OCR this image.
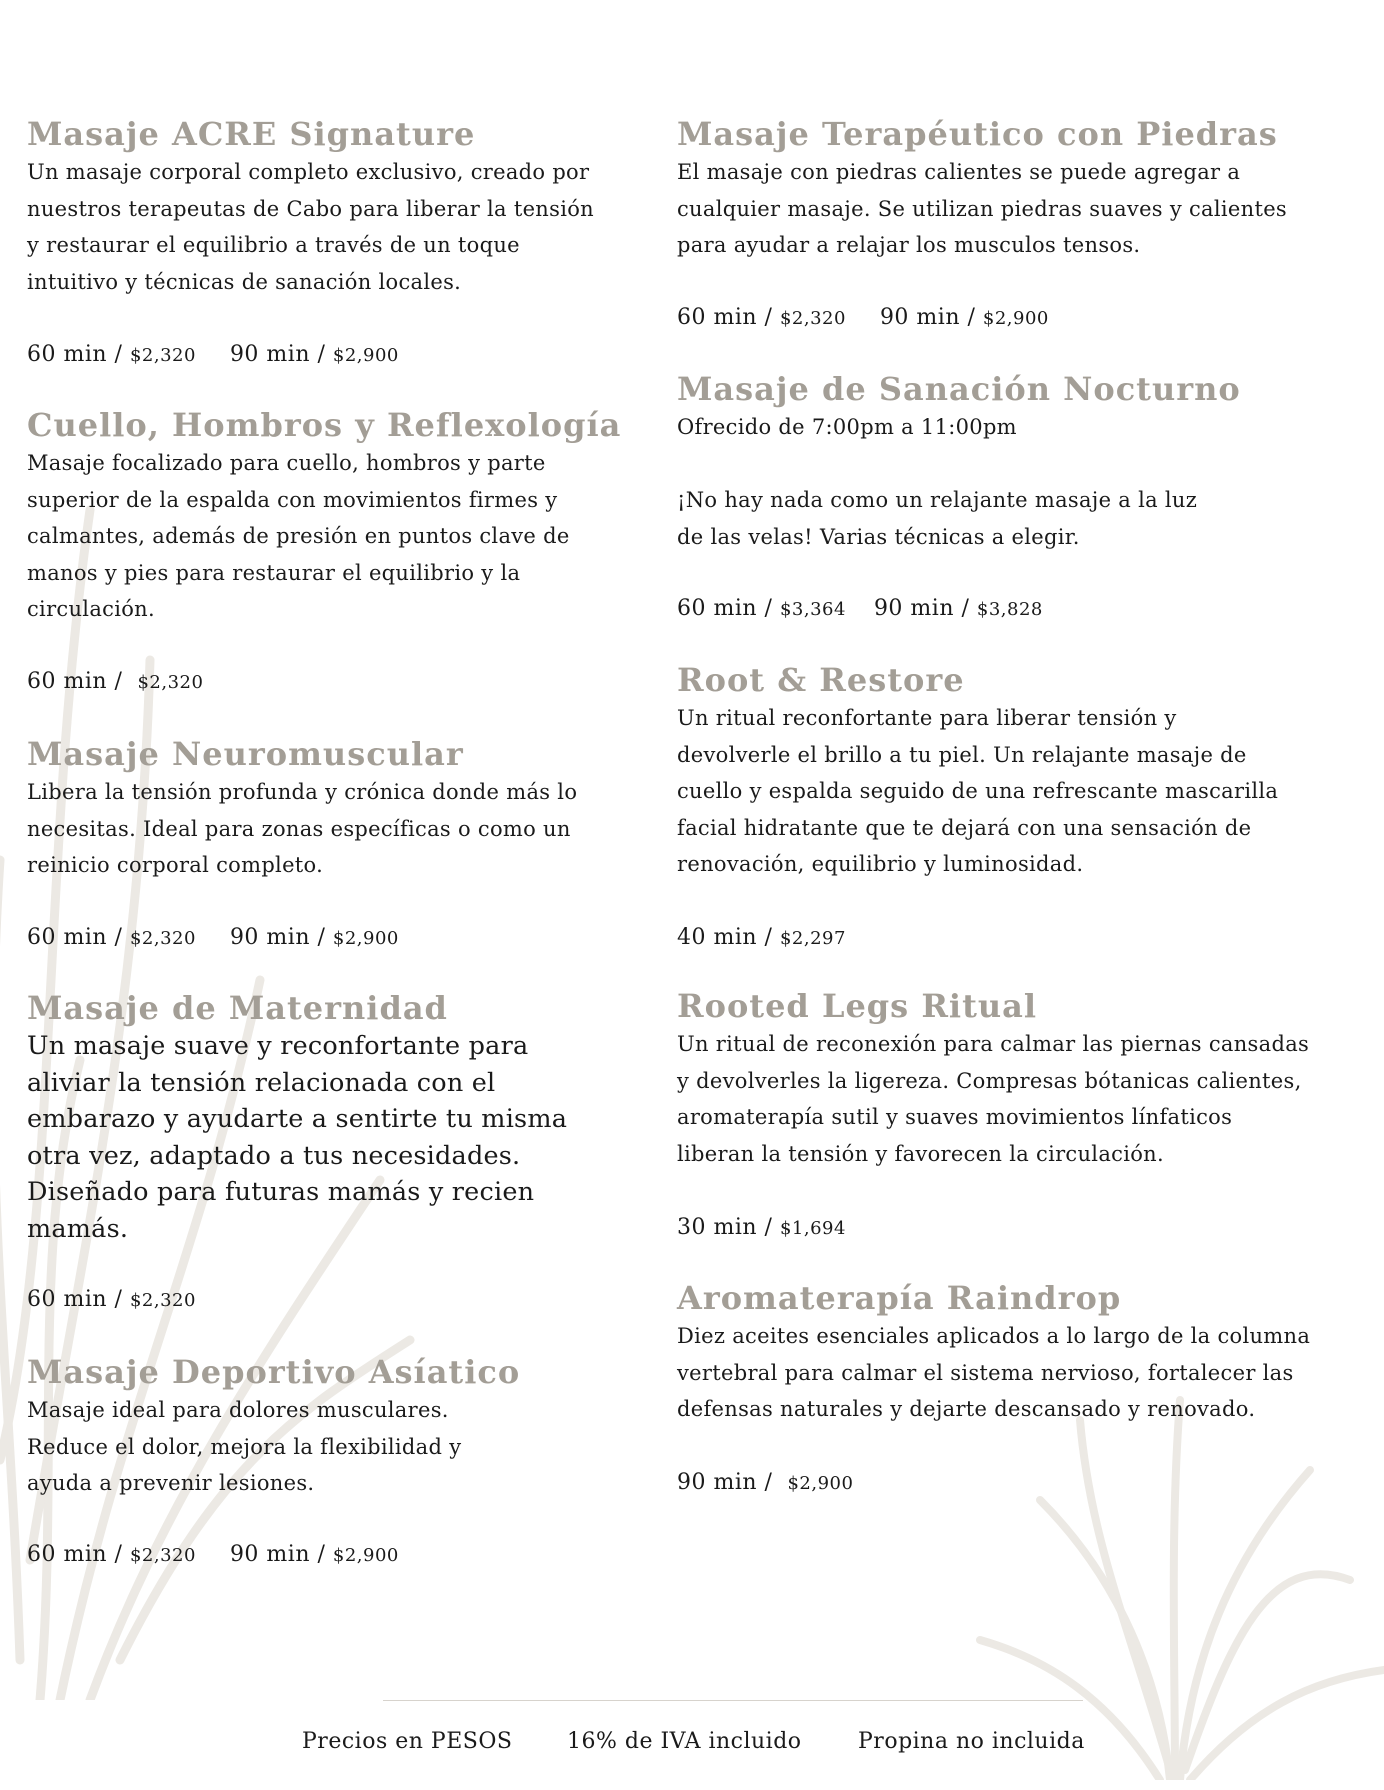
Masaje ACRE Signature

Un masaje corporal completo exclusivo, creado por
nuestros terapeutas de Cabo para liberar la tensión
y restaurar el equilibrio a través de un toque
intuitivo y técnicas de sanación locales.

60 min / $2,320 90 min / $2,900
Cuello, Hombros y Reflexología

Masaje focalizado para cuello, hombros y parte
superior de la espalda con movimientos firmes y
calmantes, además de presión en puntos clave de
manos y pies para restaurar el equilibrio y la
circulación.

60 min /  $2,320
Masaje Neuromuscular

Libera la tensión profunda y crónica donde más lo
necesitas. Ideal para zonas específicas o como un
reinicio corporal completo.

60 min / $2,320 90 min / $2,900
Masaje de Maternidad

Un masaje suave y reconfortante para
aliviar la tensión relacionada con el
embarazo y ayudarte a sentirte tu misma
otra vez, adaptado a tus necesidades.
Diseñado para futuras mamás y recien
mamás.

60 min / $2,320
Masaje Deportivo Asíatico

Masaje ideal para dolores musculares.
Reduce el dolor, mejora la flexibilidad y
ayuda a prevenir lesiones.

60 min / $2,320 90 min / $2,900
Masaje Terapéutico con Piedras

El masaje con piedras calientes se puede agregar a
cualquier masaje. Se utilizan piedras suaves y calientes
para ayudar a relajar los musculos tensos.

60 min / $2,320 90 min / $2,900
Masaje de Sanación Nocturno

Ofrecido de 7:00pm a 11:00pm

¡No hay nada como un relajante masaje a la luz
de las velas! Varias técnicas a elegir.

60 min / $3,364 90 min / $3,828
Root & Restore

Un ritual reconfortante para liberar tensión y
devolverle el brillo a tu piel. Un relajante masaje de
cuello y espalda seguido de una refrescante mascarilla
facial hidratante que te dejará con una sensación de
renovación, equilibrio y luminosidad.

40 min / $2,297
Rooted Legs Ritual

Un ritual de reconexión para calmar las piernas cansadas
y devolverles la ligereza. Compresas bótanicas calientes,
aromaterapía sutil y suaves movimientos línfaticos
liberan la tensión y favorecen la circulación.

30 min / $1,694
Aromaterapía Raindrop

Diez aceites esenciales aplicados a lo largo de la columna
vertebral para calmar el sistema nervioso, fortalecer las
defensas naturales y dejarte descansado y renovado.

90 min /  $2,900
Precios en PESOS 16% de IVA incluido	Propina no incluida
